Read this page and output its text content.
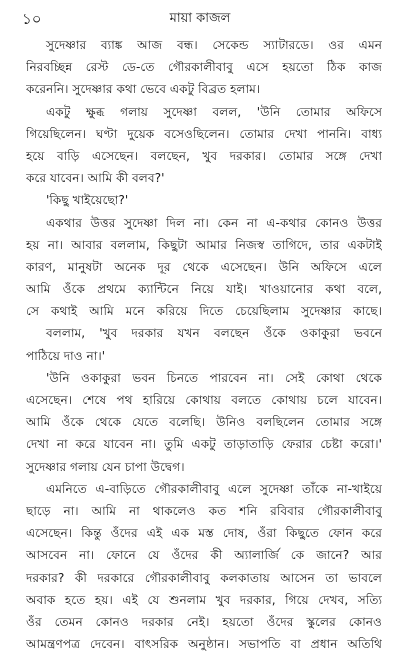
১০	মায়া কাজল
সুদেষ্ণার ব্যাঙ্ক আজ বন্ধ। সেকেন্ড স্যাটারডে। ওর এমন
নিরবচ্ছিন্ন রেস্ট ডে-তে গৌরকালীবাবু এসে হয়তো ঠিক কাজ
করেননি। সুদেষ্ণার কথা ভেবে একটু বিব্রত হলাম।
একটু ক্ষুব্ধ গলায় সুদেষ্ণা বলল, 'উনি তোমার অফিসে
গিয়েছিলেন। ঘণ্টা দুয়েক বসেওছিলেন। তোমার দেখা পাননি। বাধ্য
হয়ে বাড়ি এসেছেন। বলছেন, খুব দরকার। তোমার সঙ্গে দেখা
করে যাবেন। আমি কী বলব?'
'কিছু খাইয়েছো?'
একথার উত্তর সুদেষ্ণা দিল না। কেন না এ-কথার কোনও উত্তর
হয় না। আবার বললাম, কিছুটা আমার নিজস্ব তাগিদে, তার একটাই
কারণ, মানুষটা অনেক দূর থেকে এসেছেন। উনি অফিসে এলে
আমি ওঁকে প্রথমে ক্যান্টিনে নিয়ে যাই। খাওয়ানোর কথা বলে,
সে কথাই আমি মনে করিয়ে দিতে চেয়েছিলাম সুদেষ্ণার কাছে।
বললাম, 'খুব দরকার যখন বলছেন ওঁকে ওকাকুরা ভবনে
পাঠিয়ে দাও না।'
'উনি ওকাকুরা ভবন চিনতে পারবেন না। সেই কোথা থেকে
এসেছেন। শেষে পথ হারিয়ে কোথায় বলতে কোথায় চলে যাবেন।
আমি ওঁকে থেকে যেতে বলেছি। উনিও বলছিলেন তোমার সঙ্গে
দেখা না করে যাবেন না। তুমি একটু তাড়াতাড়ি ফেরার চেষ্টা করো।'
সুদেষ্ণার গলায় যেন চাপা উদ্বেগ।
এমনিতে এ-বাড়িতে গৌরকালীবাবু এলে সুদেষ্ণা তাঁকে না-খাইয়ে
ছাড়ে না। আমি না থাকলেও কত শনি রবিবার গৌরকালীবাবু
এসেছেন। কিন্তু ওঁদের এই এক মস্ত দোষ, ওঁরা কিছুতে ফোন করে
আসবেন না। ফোনে যে ওঁদের কী অ্যালার্জি কে জানে? আর
দরকার? কী দরকারে গৌরকালীবাবু কলকাতায় আসেন তা ভাবলে
অবাক হতে হয়। এই যে শুনলাম খুব দরকার, গিয়ে দেখব, সত্যি
ওঁর তেমন কোনও দরকার নেই। হয়তো ওঁদের স্কুলের কোনও
আমন্ত্রণপত্র দেবেন। বাৎসরিক অনুষ্ঠান। সভাপতি বা প্রধান অতিথি
